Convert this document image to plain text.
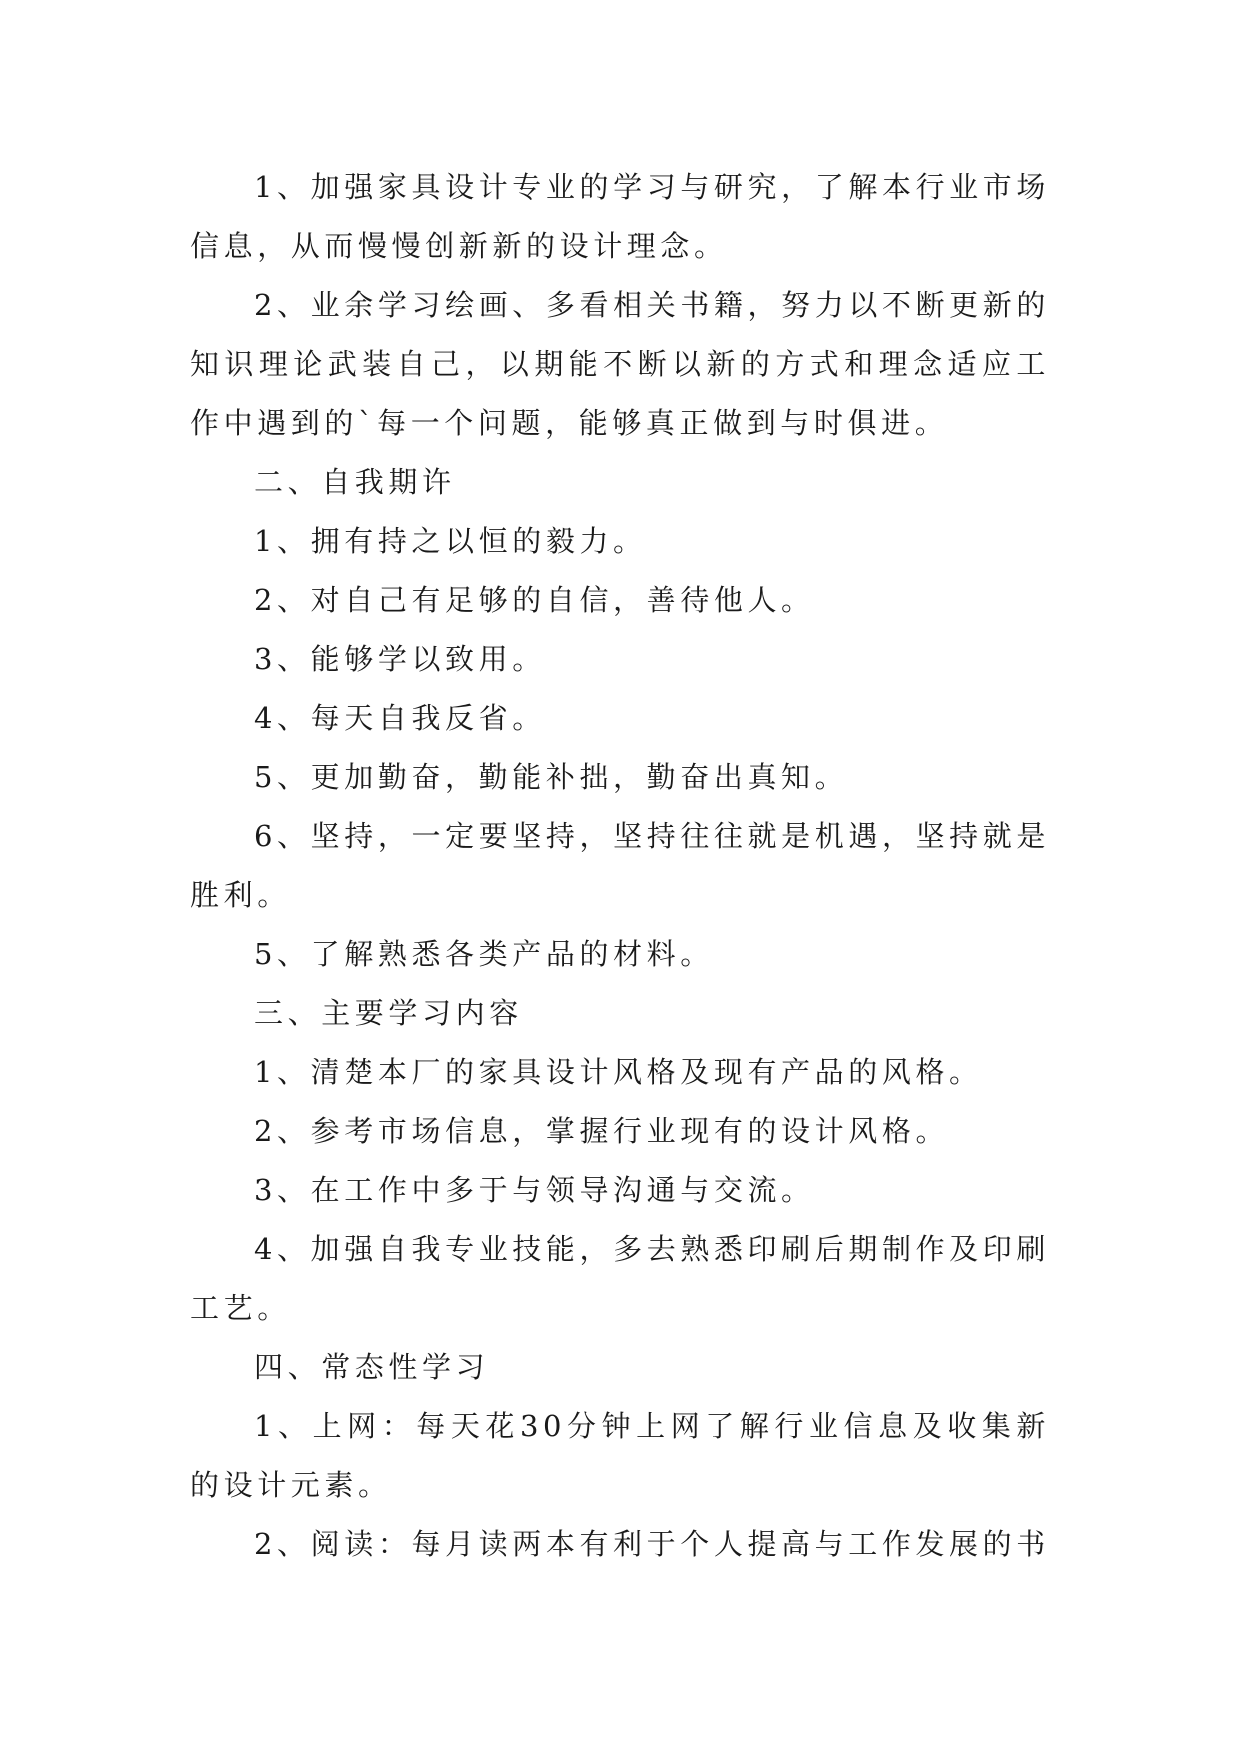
1、加强家具设计专业的学习与研究，了解本行业市场信息，从而慢慢创新新的设计理念。

2、业余学习绘画、多看相关书籍，努力以不断更新的知识理论武装自己，以期能不断以新的方式和理念适应工作中遇到的`每一个问题，能够真正做到与时俱进。

二、自我期许

1、拥有持之以恒的毅力。

2、对自己有足够的自信，善待他人。

3、能够学以致用。

4、每天自我反省。

5、更加勤奋，勤能补拙，勤奋出真知。

6、坚持，一定要坚持，坚持往往就是机遇，坚持就是胜利。

5、了解熟悉各类产品的材料。

三、主要学习内容

1、清楚本厂的家具设计风格及现有产品的风格。

2、参考市场信息，掌握行业现有的设计风格。

3、在工作中多于与领导沟通与交流。

4、加强自我专业技能，多去熟悉印刷后期制作及印刷工艺。

四、常态性学习

1、上网：每天花30分钟上网了解行业信息及收集新的设计元素。

2、阅读：每月读两本有利于个人提高与工作发展的书
